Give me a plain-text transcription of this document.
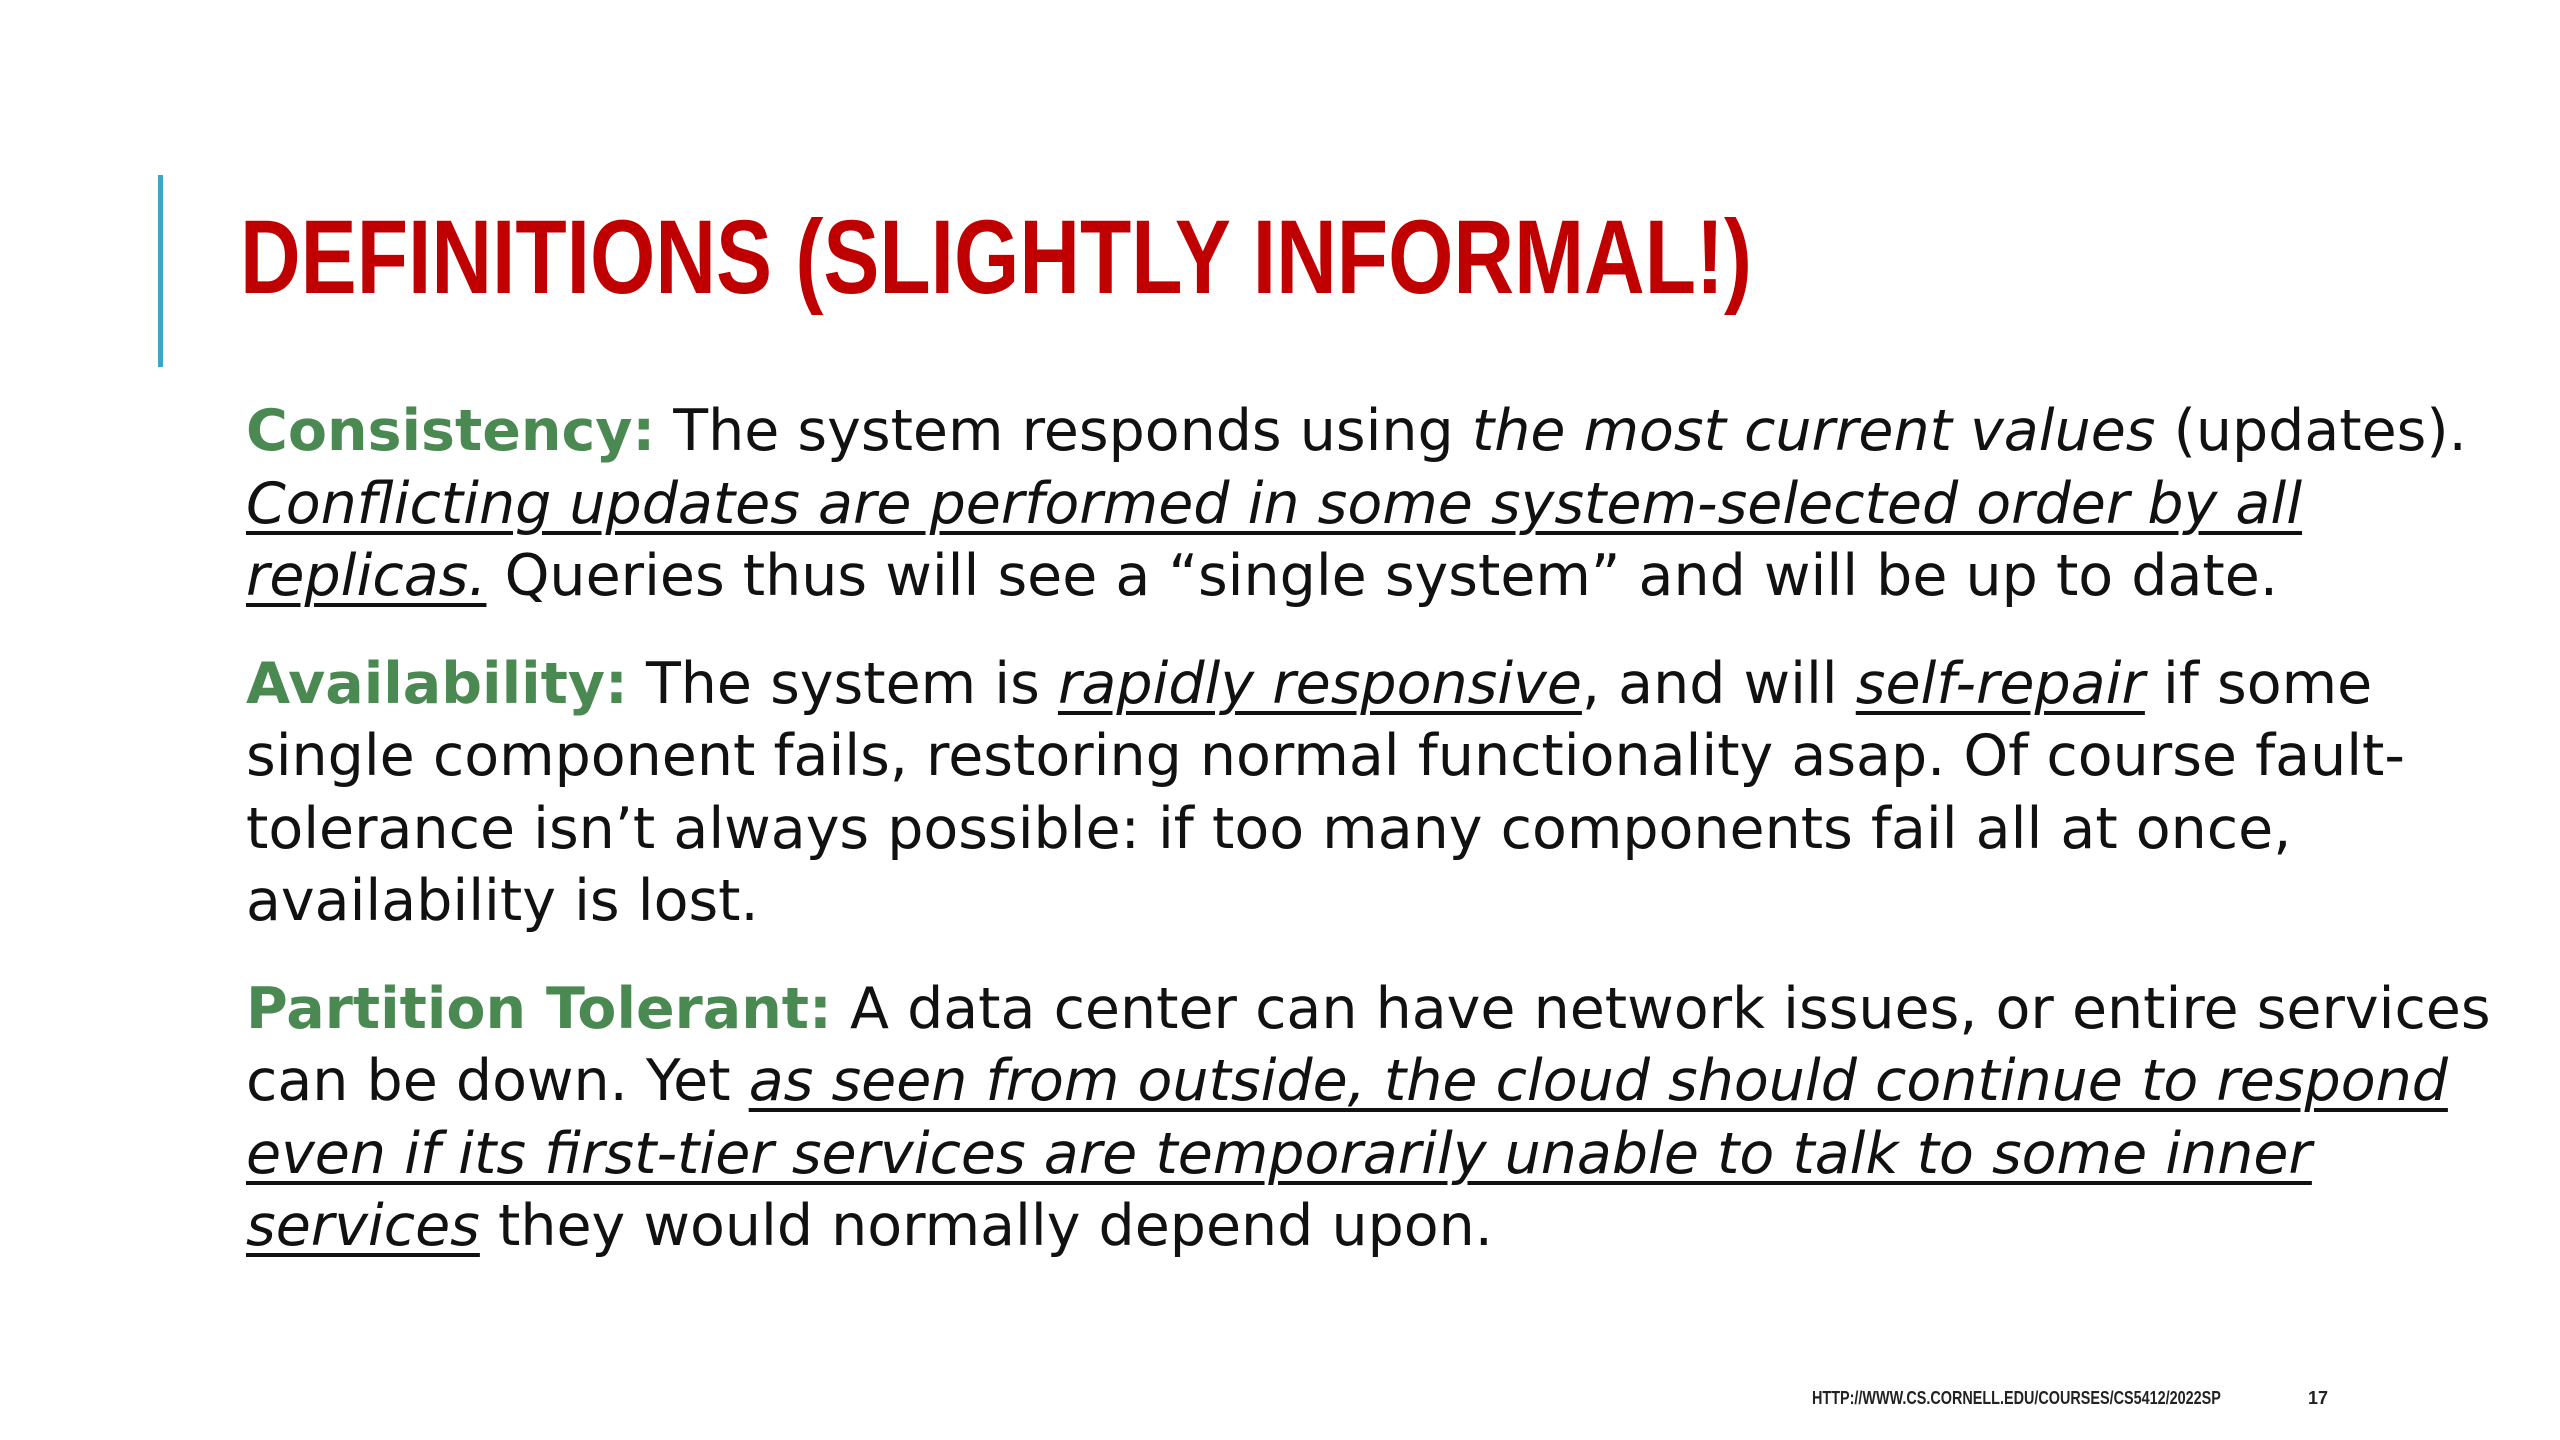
DEFINITIONS (SLIGHTLY INFORMAL!)

Consistency: The system responds using the most current values (updates). Conflicting updates are performed in some system-selected order by all replicas. Queries thus will see a “single system” and will be up to date.

Availability: The system is rapidly responsive, and will self-repair if some single component fails, restoring normal functionality asap. Of course fault-tolerance isn’t always possible: if too many components fail all at once, availability is lost.

Partition Tolerant: A data center can have network issues, or entire services can be down. Yet as seen from outside, the cloud should continue to respond even if its first-tier services are temporarily unable to talk to some inner services they would normally depend upon.

HTTP://WWW.CS.CORNELL.EDU/COURSES/CS5412/2022SP	17
